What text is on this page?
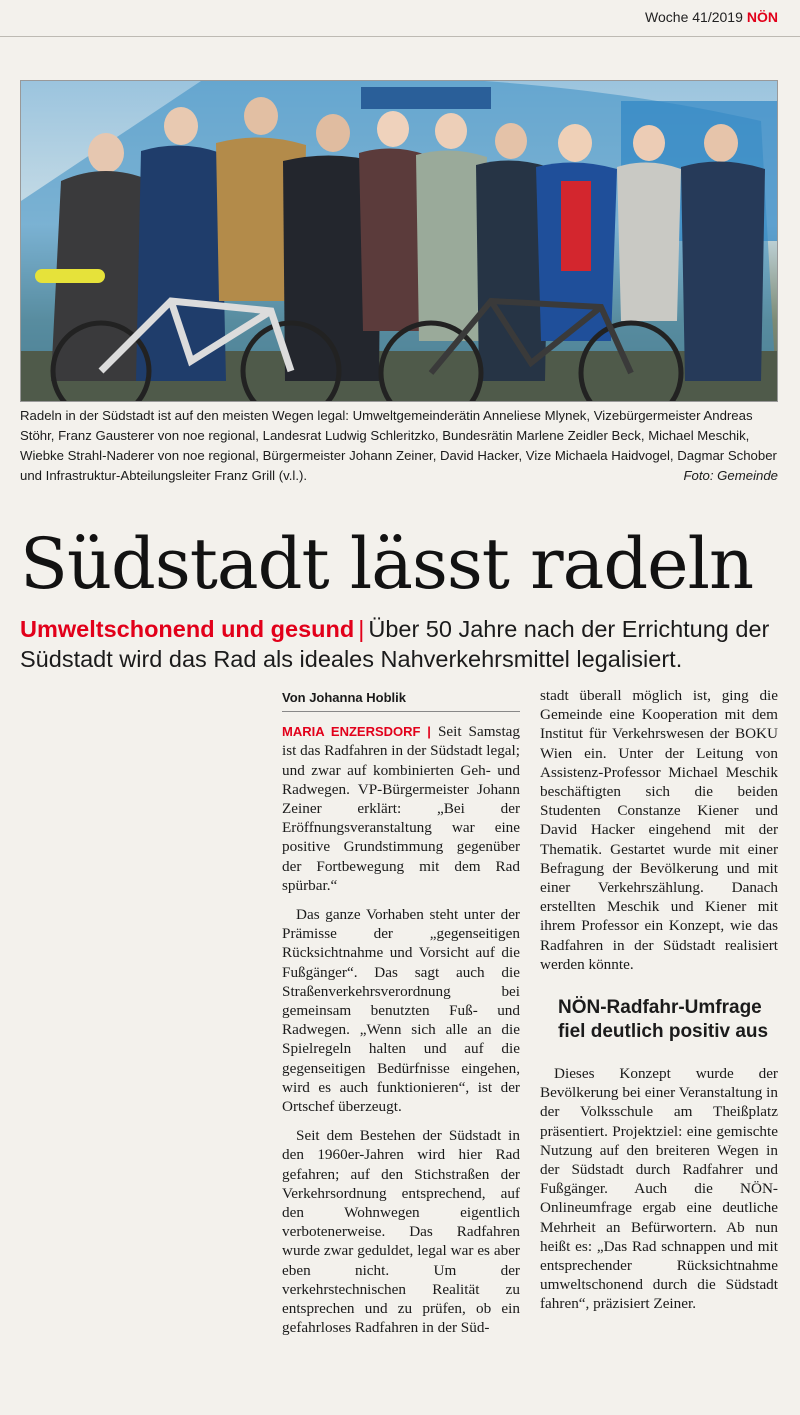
Woche 41/2019 NÖN
Radeln in der Südstadt ist auf den meisten Wegen legal: Umweltgemeinderätin Anneliese Mlynek, Vizebürgermeister Andreas Stöhr, Franz Gausterer von noe regional, Landesrat Ludwig Schleritzko, Bundesrätin Marlene Zeidler Beck, Michael Meschik, Wiebke Strahl-Naderer von noe regional, Bürgermeister Johann Zeiner, David Hacker, Vize Michaela Haidvogel, Dagmar Schober und Infrastruktur-Abteilungsleiter Franz Grill (v.l.).	Foto: Gemeinde
Südstadt lässt radeln
Umweltschonend und gesund | Über 50 Jahre nach der Errichtung der Südstadt wird das Rad als ideales Nahverkehrsmittel legalisiert.
Von Johanna Hoblik

MARIA ENZERSDORF | Seit Samstag ist das Radfahren in der Südstadt legal; und zwar auf kombinierten Geh- und Radwegen. VP-Bürgermeister Johann Zeiner erklärt: „Bei der Eröffnungsveranstaltung war eine positive Grundstimmung gegenüber der Fortbewegung mit dem Rad spürbar.“

Das ganze Vorhaben steht unter der Prämisse der „gegenseitigen Rücksichtnahme und Vorsicht auf die Fußgänger“. Das sagt auch die Straßenverkehrsverordnung bei gemeinsam benutzten Fuß- und Radwegen. „Wenn sich alle an die Spielregeln halten und auf die gegenseitigen Bedürfnisse eingehen, wird es auch funktionieren“, ist der Ortschef überzeugt.

Seit dem Bestehen der Südstadt in den 1960er-Jahren wird hier Rad gefahren; auf den Stichstraßen der Verkehrsordnung entsprechend, auf den Wohnwegen eigentlich verbotenerweise. Das Radfahren wurde zwar geduldet, legal war es aber eben nicht. Um der verkehrstechnischen Realität zu entsprechen und zu prüfen, ob ein gefahrloses Radfahren in der Süd-

stadt überall möglich ist, ging die Gemeinde eine Kooperation mit dem Institut für Verkehrswesen der BOKU Wien ein. Unter der Leitung von Assistenz-Professor Michael Meschik beschäftigten sich die beiden Studenten Constanze Kiener und David Hacker eingehend mit der Thematik. Gestartet wurde mit einer Befragung der Bevölkerung und mit einer Verkehrszählung. Danach erstellten Meschik und Kiener mit ihrem Professor ein Konzept, wie das Radfahren in der Südstadt realisiert werden könnte.

NÖN-Radfahr-Umfrage fiel deutlich positiv aus

Dieses Konzept wurde der Bevölkerung bei einer Veranstaltung in der Volksschule am Theißplatz präsentiert. Projektziel: eine gemischte Nutzung auf den breiteren Wegen in der Südstadt durch Radfahrer und Fußgänger. Auch die NÖN-Onlineumfrage ergab eine deutliche Mehrheit an Befürwortern. Ab nun heißt es: „Das Rad schnappen und mit entsprechender Rücksichtnahme umweltschonend durch die Südstadt fahren“, präzisiert Zeiner.
